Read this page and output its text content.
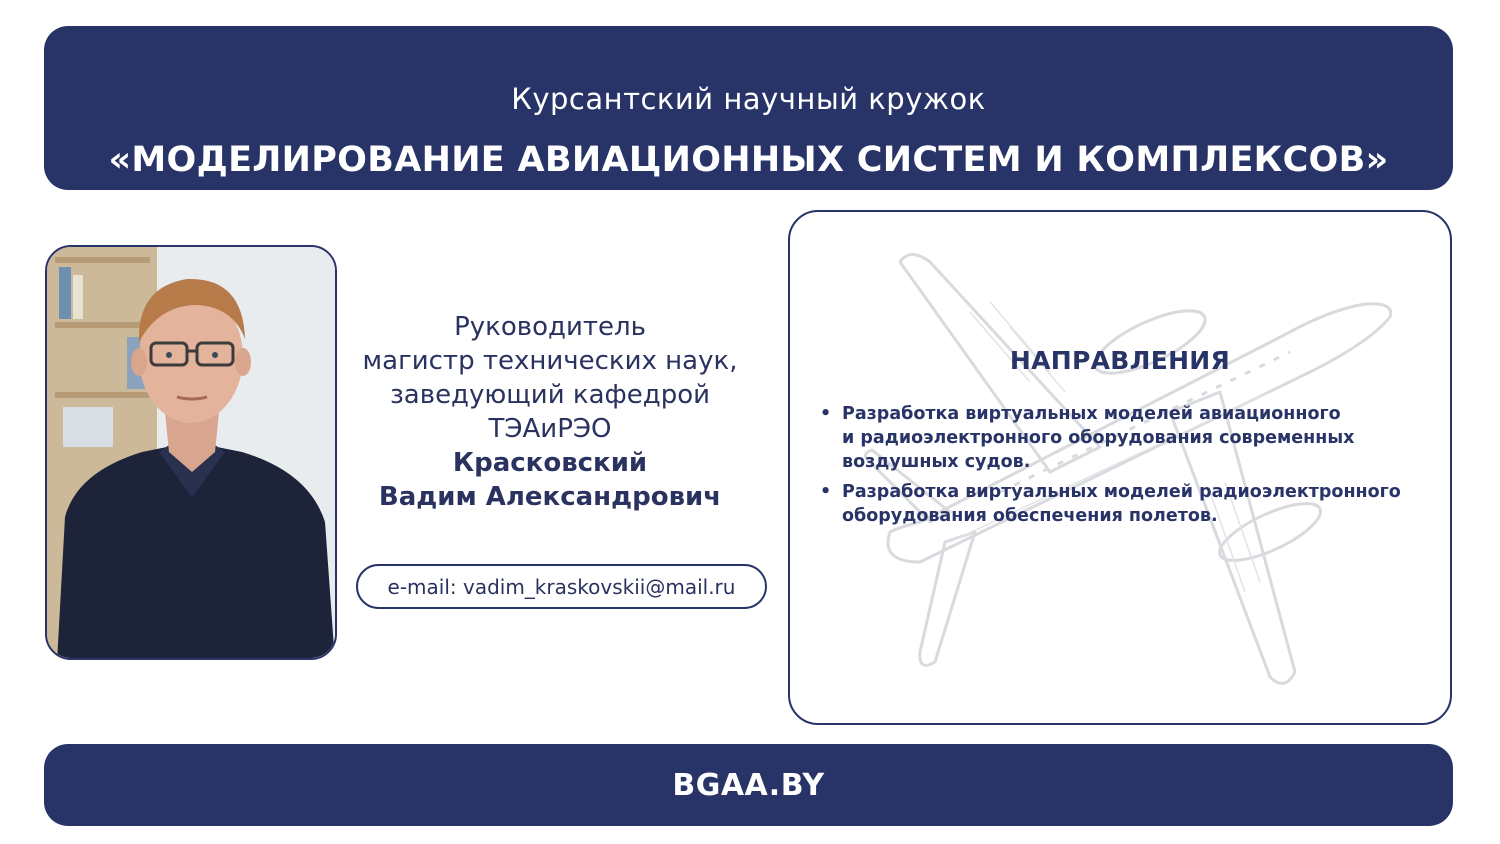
Курсантский научный кружок
«МОДЕЛИРОВАНИЕ АВИАЦИОННЫХ СИСТЕМ И КОМПЛЕКСОВ»
Руководитель
магистр технических наук,
заведующий кафедрой
ТЭАиРЭО
Красковский
Вадим Александрович
e-mail: vadim_kraskovskii@mail.ru
НАПРАВЛЕНИЯ
• Разработка виртуальных моделей авиационного
и радиоэлектронного оборудования современных
воздушных судов.
• Разработка виртуальных моделей радиоэлектронного
оборудования обеспечения полетов.
BGAA.BY
